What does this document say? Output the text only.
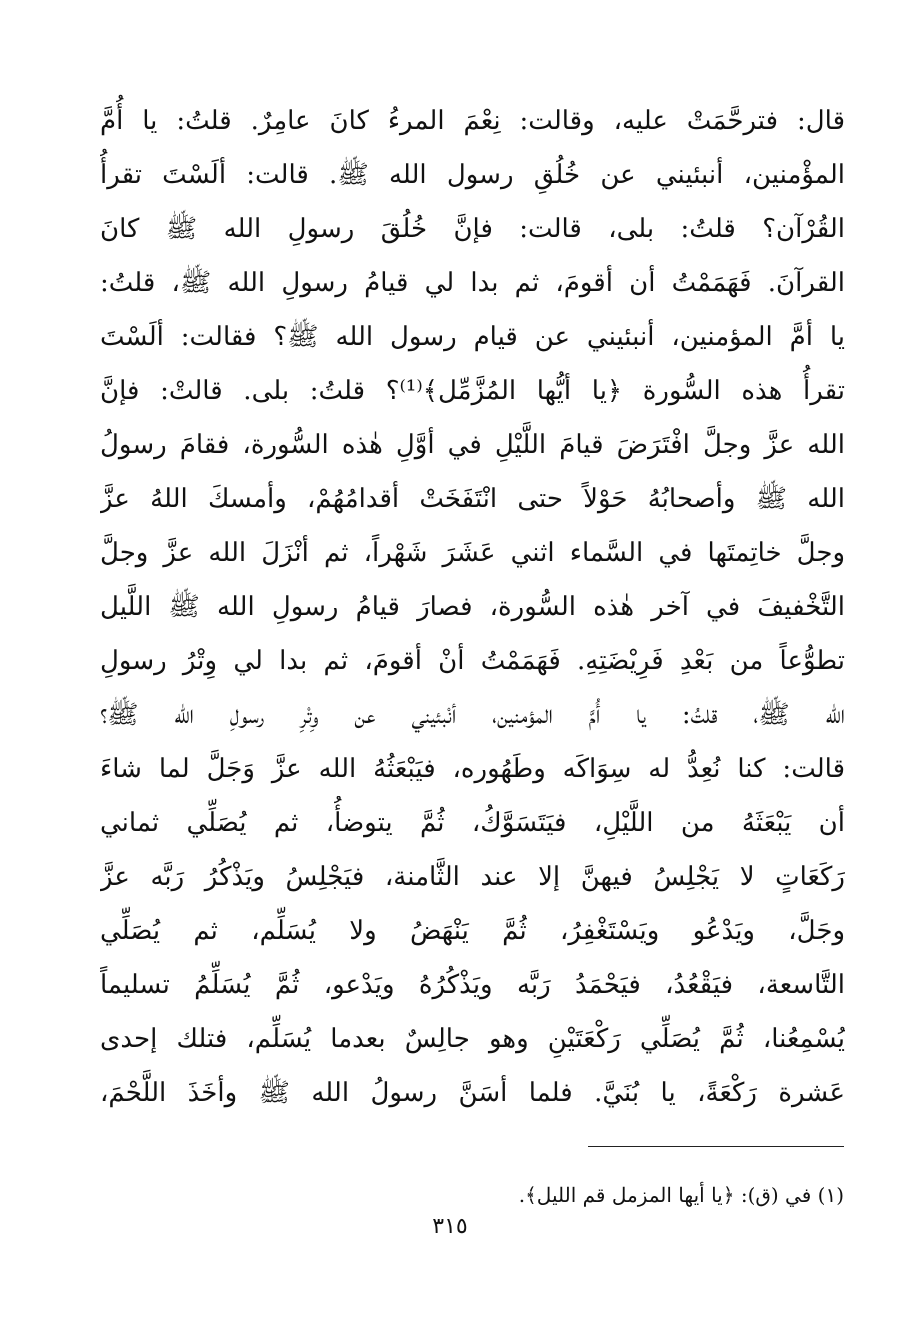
قال: فترحَّمَتْ عليه، وقالت: نِعْمَ المرءُ كانَ عامِرٌ. قلتُ: يا أُمَّ
المؤْمنين، أنبئيني عن خُلُقِ رسول الله ﷺ. قالت: ألَسْتَ تقرأُ
القُرْآن؟ قلتُ: بلى، قالت: فإنَّ خُلُقَ رسولِ الله ﷺ كانَ
القرآنَ. فَهَمَمْتُ أن أقومَ، ثم بدا لي قيامُ رسولِ الله ﷺ، قلتُ:
يا أمَّ المؤمنين، أنبئيني عن قيام رسول الله ﷺ؟ فقالت: ألَسْتَ
تقرأُ هذه السُّورة ﴿يا أيُّها المُزَّمِّل﴾⁽¹⁾؟ قلتُ: بلى. قالتْ: فإنَّ
الله عزَّ وجلَّ افْتَرَضَ قيامَ اللَّيْلِ في أوَّلِ هٰذه السُّورة، فقامَ رسولُ
الله ﷺ وأصحابُهُ حَوْلاً حتى انْتَفَخَتْ أقدامُهُمْ، وأمسكَ اللهُ عزَّ
وجلَّ خاتِمتَها في السَّماء اثني عَشَرَ شَهْراً، ثم أنْزَلَ الله عزَّ وجلَّ
التَّخْفيفَ في آخر هٰذه السُّورة، فصارَ قيامُ رسولِ الله ﷺ اللَّيل
تطوُّعاً من بَعْدِ فَرِيْضَتِهِ. فَهَمَمْتُ أنْ أقومَ، ثم بدا لي وِتْرُ رسولِ
الله ﷺ، قلتُ: يا أُمَّ المؤمنين، أنْبئيني عن وِتْرِ رسولِ الله ﷺ؟
قالت: كنا نُعِدُّ له سِوَاكَه وطَهُوره، فيَبْعَثُهُ الله عزَّ وَجَلَّ لما شاءَ
أن يَبْعَثَهُ من اللَّيْلِ، فيَتَسَوَّكُ، ثُمَّ يتوضأُ، ثم يُصَلِّي ثماني
رَكَعَاتٍ لا يَجْلِسُ فيهنَّ إلا عند الثَّامنة، فيَجْلِسُ ويَذْكُرُ رَبَّه عزَّ
وجَلَّ، ويَدْعُو ويَسْتَغْفِرُ، ثُمَّ يَنْهَضُ ولا يُسَلِّم، ثم يُصَلِّي
التَّاسعة، فيَقْعُدُ، فيَحْمَدُ رَبَّه ويَذْكُرُهُ ويَدْعو، ثُمَّ يُسَلِّمُ تسليماً
يُسْمِعُنا، ثُمَّ يُصَلِّي رَكْعَتَيْنِ وهو جالِسٌ بعدما يُسَلِّم، فتلك إحدى
عَشرة رَكْعَةً، يا بُنَيَّ. فلما أسَنَّ رسولُ الله ﷺ وأخَذَ اللَّحْمَ،
(١) في (ق): ﴿يا أيها المزمل قم الليل﴾.
٣١٥
